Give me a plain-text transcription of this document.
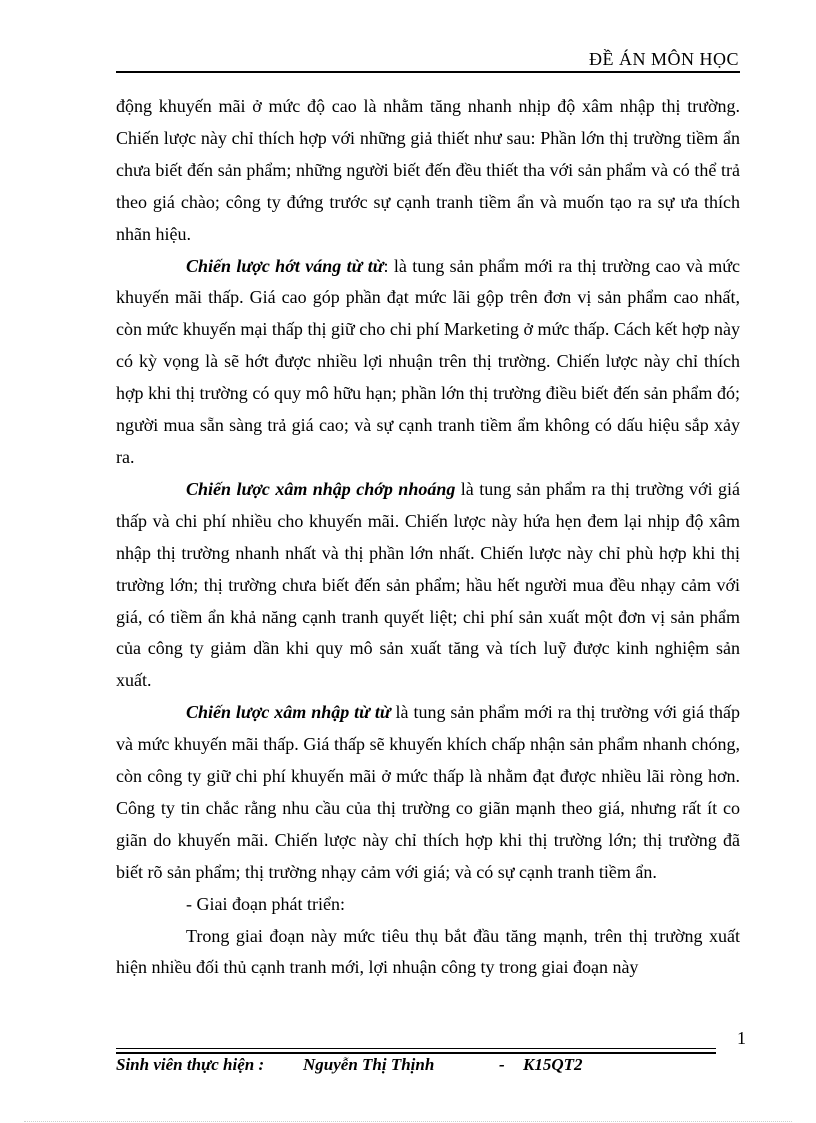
ĐỀ ÁN MÔN HỌC

động khuyến mãi ở mức độ cao là nhằm tăng nhanh nhịp độ xâm nhập thị trường. Chiến lược này chỉ thích hợp với những giả thiết như sau: Phần lớn thị trường tiềm ẩn chưa biết đến sản phẩm; những người biết đến đều thiết tha với sản phẩm và có thể trả theo giá chào; công ty đứng trước sự cạnh tranh tiềm ẩn và muốn tạo ra sự ưa thích nhãn hiệu.

Chiến lược hớt váng từ từ: là tung sản phẩm mới ra thị trường cao và mức khuyến mãi thấp. Giá cao góp phần đạt mức lãi gộp trên đơn vị sản phẩm cao nhất, còn mức khuyến mại thấp thị giữ cho chi phí Marketing ở mức thấp. Cách kết hợp này có kỳ vọng là sẽ hớt được nhiều lợi nhuận trên thị trường. Chiến lược này chỉ thích hợp khi thị trường có quy mô hữu hạn; phần lớn thị trường điều biết đến sản phẩm đó; người mua sẵn sàng trả giá cao; và sự cạnh tranh tiềm ẩm không có dấu hiệu sắp xảy ra.

Chiến lược xâm nhập chớp nhoáng là tung sản phẩm ra thị trường với giá thấp và chi phí nhiều cho khuyến mãi. Chiến lược này hứa hẹn đem lại nhịp độ xâm nhập thị trường nhanh nhất và thị phần lớn nhất. Chiến lược này chỉ phù hợp khi thị trường lớn; thị trường chưa biết đến sản phẩm; hầu hết người mua đều nhạy cảm với giá, có tiềm ẩn khả năng cạnh tranh quyết liệt; chi phí sản xuất một đơn vị sản phẩm của công ty giảm dần khi quy mô sản xuất tăng và tích luỹ được kinh nghiệm sản xuất.

Chiến lược xâm nhập từ từ là tung sản phẩm mới ra thị trường với giá thấp và mức khuyến mãi thấp. Giá thấp sẽ khuyến khích chấp nhận sản phẩm nhanh chóng, còn công ty giữ chi phí khuyến mãi ở mức thấp là nhằm đạt được nhiều lãi ròng hơn. Công ty tin chắc rằng nhu cầu của thị trường co giãn mạnh theo giá, nhưng rất ít co giãn do khuyến mãi. Chiến lược này chỉ thích hợp khi thị trường lớn; thị trường đã biết rõ sản phẩm; thị trường nhạy cảm với giá; và có sự cạnh tranh tiềm ẩn.

- Giai đoạn phát triển:

Trong giai đoạn này mức tiêu thụ bắt đầu tăng mạnh, trên thị trường xuất hiện nhiều đối thủ cạnh tranh mới, lợi nhuận công ty trong giai đoạn này

1
Sinh viên thực hiện : Nguyễn Thị Thịnh	- K15QT2
